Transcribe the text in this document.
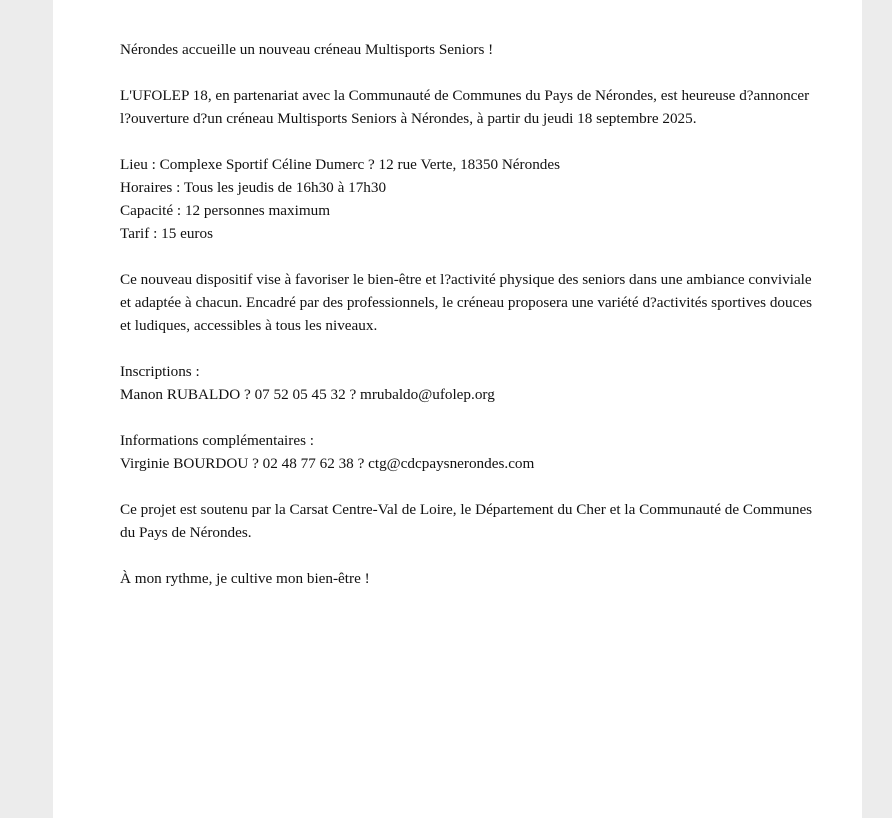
Nérondes accueille un nouveau créneau Multisports Seniors !

L'UFOLEP 18, en partenariat avec la Communauté de Communes du Pays de Nérondes, est heureuse d?annoncer l?ouverture d?un créneau Multisports Seniors à Nérondes, à partir du jeudi 18 septembre 2025.

Lieu : Complexe Sportif Céline Dumerc ? 12 rue Verte, 18350 Nérondes
Horaires : Tous les jeudis de 16h30 à 17h30
Capacité : 12 personnes maximum
Tarif : 15 euros

Ce nouveau dispositif vise à favoriser le bien-être et l?activité physique des seniors dans une ambiance conviviale et adaptée à chacun. Encadré par des professionnels, le créneau proposera une variété d?activités sportives douces et ludiques, accessibles à tous les niveaux.

Inscriptions :
Manon RUBALDO ? 07 52 05 45 32 ? mrubaldo@ufolep.org

Informations complémentaires :
Virginie BOURDOU ? 02 48 77 62 38 ? ctg@cdcpaysnerondes.com

Ce projet est soutenu par la Carsat Centre-Val de Loire, le Département du Cher et la Communauté de Communes du Pays de Nérondes.

À mon rythme, je cultive mon bien-être !
